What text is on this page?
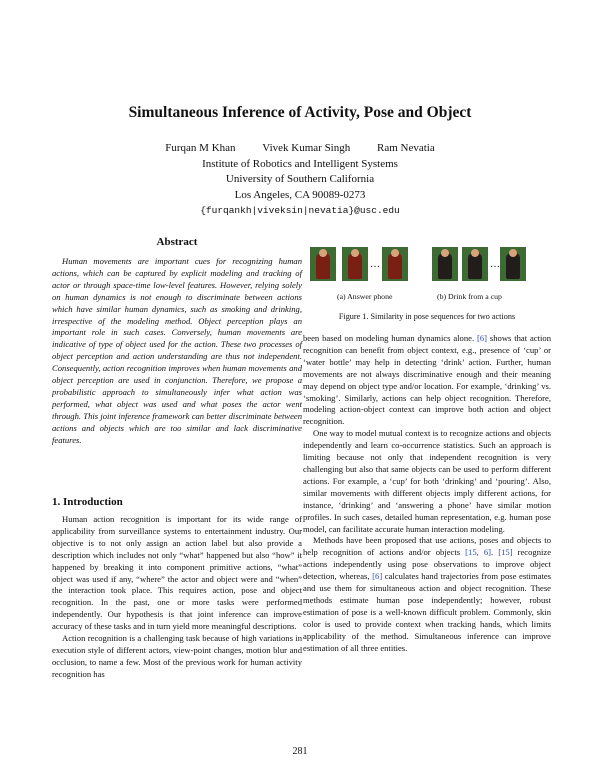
Simultaneous Inference of Activity, Pose and Object
Furqan M Khan Vivek Kumar Singh Ram Nevatia
Institute of Robotics and Intelligent Systems
University of Southern California
Los Angeles, CA 90089-0273
{furqankh|viveksin|nevatia}@usc.edu
Abstract

Human movements are important cues for recognizing human actions, which can be captured by explicit modeling and tracking of actor or through space-time low-level features. However, relying solely on human dynamics is not enough to discriminate between actions which have similar human dynamics, such as smoking and drinking, irrespective of the modeling method. Object perception plays an important role in such cases. Conversely, human movements are indicative of type of object used for the action. These two processes of object perception and action understanding are thus not independent. Consequently, action recognition improves when human movements and object perception are used in conjunction. Therefore, we propose a probabilistic approach to simultaneously infer what action was performed, what object was used and what poses the actor went through. This joint inference framework can better discriminate between actions and objects which are too similar and lack discriminative features.

1. Introduction

Human action recognition is important for its wide range of applicability from surveillance systems to entertainment industry. Our objective is to not only assign an action label but also provide a description which includes not only “what” happened but also “how” it happened by breaking it into component primitive actions, “what” object was used if any, “where” the actor and object were and “when” the interaction took place. This requires action, pose and object recognition. In the past, one or more tasks were performed independently. Our hypothesis is that joint inference can improve accuracy of these tasks and in turn yield more meaningful descriptions.

Action recognition is a challenging task because of high variations in execution style of different actors, view-point changes, motion blur and occlusion, to name a few. Most of the previous work for human activity recognition has

…	…
(a) Answer phone	(b) Drink from a cup
Figure 1. Similarity in pose sequences for two actions

been based on modeling human dynamics alone. [6] shows that action recognition can benefit from object context, e.g., presence of ‘cup’ or ‘water bottle’ may help in detecting ‘drink’ action. Further, human movements are not always discriminative enough and their meaning may depend on object type and/or location. For example, ‘drinking’ vs. ‘smoking’. Similarly, actions can help object recognition. Therefore, modeling action-object context can improve both action and object recognition.

One way to model mutual context is to recognize actions and objects independently and learn co-occurrence statistics. Such an approach is limiting because not only that independent recognition is very challenging but also that same objects can be used to perform different actions. For example, a ‘cup’ for both ‘drinking’ and ‘pouring’. Also, similar movements with different objects imply different actions, for instance, ‘drinking’ and ‘answering a phone’ have similar motion profiles. In such cases, detailed human representation, e.g. human pose model, can facilitate accurate human interaction modeling.

Methods have been proposed that use actions, poses and objects to help recognition of actions and/or objects [15, 6]. [15] recognize actions independently using pose observations to improve object detection, whereas, [6] calculates hand trajectories from pose estimates and use them for simultaneous action and object recognition. These methods estimate human pose independently; however, robust estimation of pose is a well-known difficult problem. Commonly, skin color is used to provide context when tracking hands, which limits applicability of the method. Simultaneous inference can improve estimation of all three entities.

281
